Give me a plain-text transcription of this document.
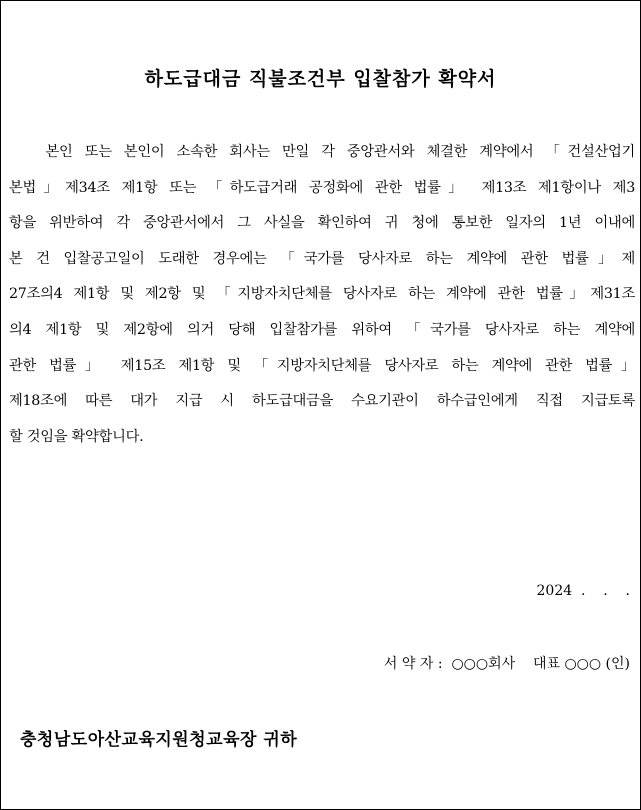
하도급대금 직불조건부 입찰참가 확약서
본인 또는 본인이 소속한 회사는 만일 각 중앙관서와 체결한 계약에서 「건설산업기
본법」제34조 제1항 또는 「하도급거래 공정화에 관한 법률」 제13조 제1항이나 제3
항을 위반하여 각 중앙관서에서 그 사실을 확인하여 귀 청에 통보한 일자의 1년 이내에
본 건 입찰공고일이 도래한 경우에는 「국가를 당사자로 하는 계약에 관한 법률」제
27조의4 제1항 및 제2항 및 「지방자치단체를 당사자로 하는 계약에 관한 법률」제31조
의4 제1항 및 제2항에 의거 당해 입찰참가를 위하여 「국가를 당사자로 하는 계약에
관한 법률」 제15조 제1항 및 「지방자치단체를 당사자로 하는 계약에 관한 법률」
제18조에 따른 대가 지급 시 하도급대금을 수요기관이 하수급인에게 직접 지급토록
할 것임을 확약합니다.
2024  .    .    .
서 약 자 :  ○○○회사    대표 ○○○ (인)
충청남도아산교육지원청교육장 귀하
